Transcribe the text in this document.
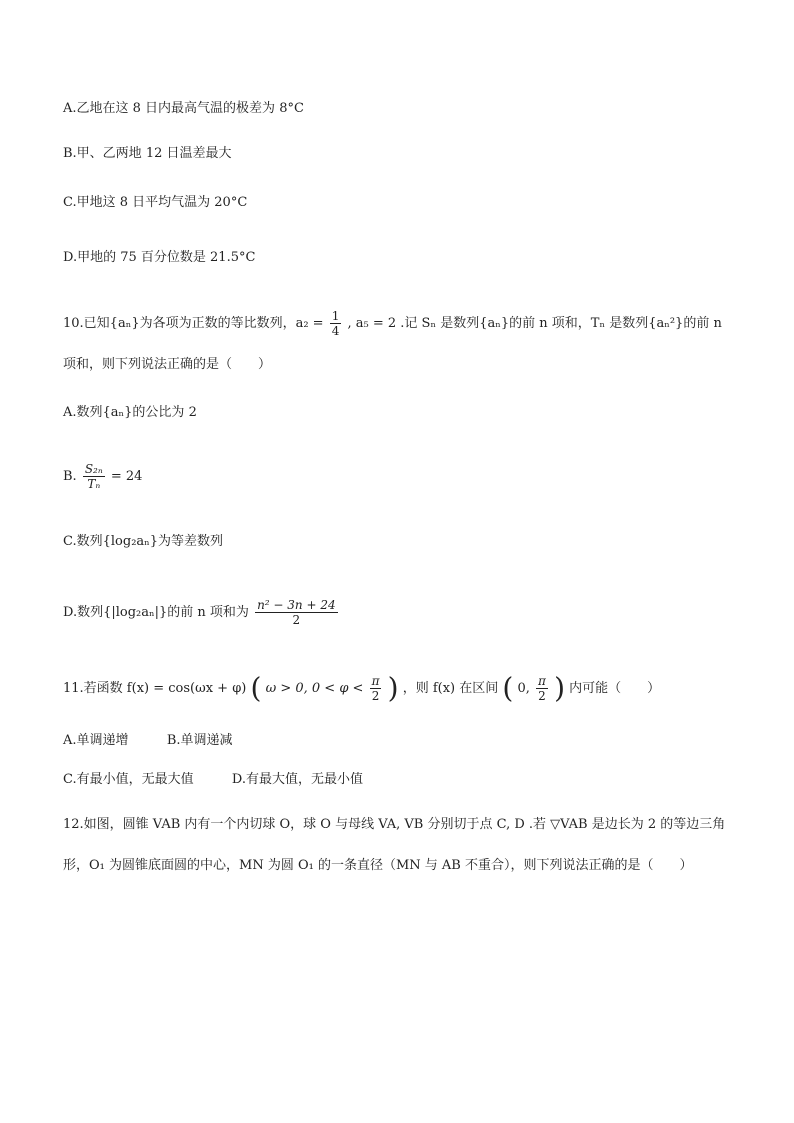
A.乙地在这 8 日内最高气温的极差为 8°C
B.甲、乙两地 12 日温差最大
C.甲地这 8 日平均气温为 20°C
D.甲地的 75 百分位数是 21.5°C
10.已知{aₙ}为各项为正数的等比数列，$a_2 = \frac{1}{4}$ , a₅ = 2 .记 Sₙ 是数列{aₙ}的前 n 项和，Tₙ 是数列{aₙ²}的前 n
项和，则下列说法正确的是（　　）
A.数列{aₙ}的公比为 2
B. $\frac{\text{S₂ₙ}}{\text{Tₙ}} = 24$
C.数列{log₂aₙ}为等差数列
D.数列{|log₂aₙ|}的前 n 项和为 $\frac{\text{n² − 3n + 24}}{2}$
11.若函数 f(x) = cos(ωx + φ) ( ω > 0, $0 < \varphi < \frac{\pi}{2}$ ) ，则 f(x) 在区间 ( 0, $\frac{\pi}{2}$ ) 内可能（　　）
A.单调递增	B.单调递减
C.有最小值，无最大值	D.有最大值，无最小值
12.如图，圆锥 VAB 内有一个内切球 O，球 O 与母线 VA, VB 分别切于点 C, D .若 ▽VAB 是边长为 2 的等边三角
形，O₁ 为圆锥底面圆的中心，MN 为圆 O₁ 的一条直径（MN 与 AB 不重合），则下列说法正确的是（　　）
